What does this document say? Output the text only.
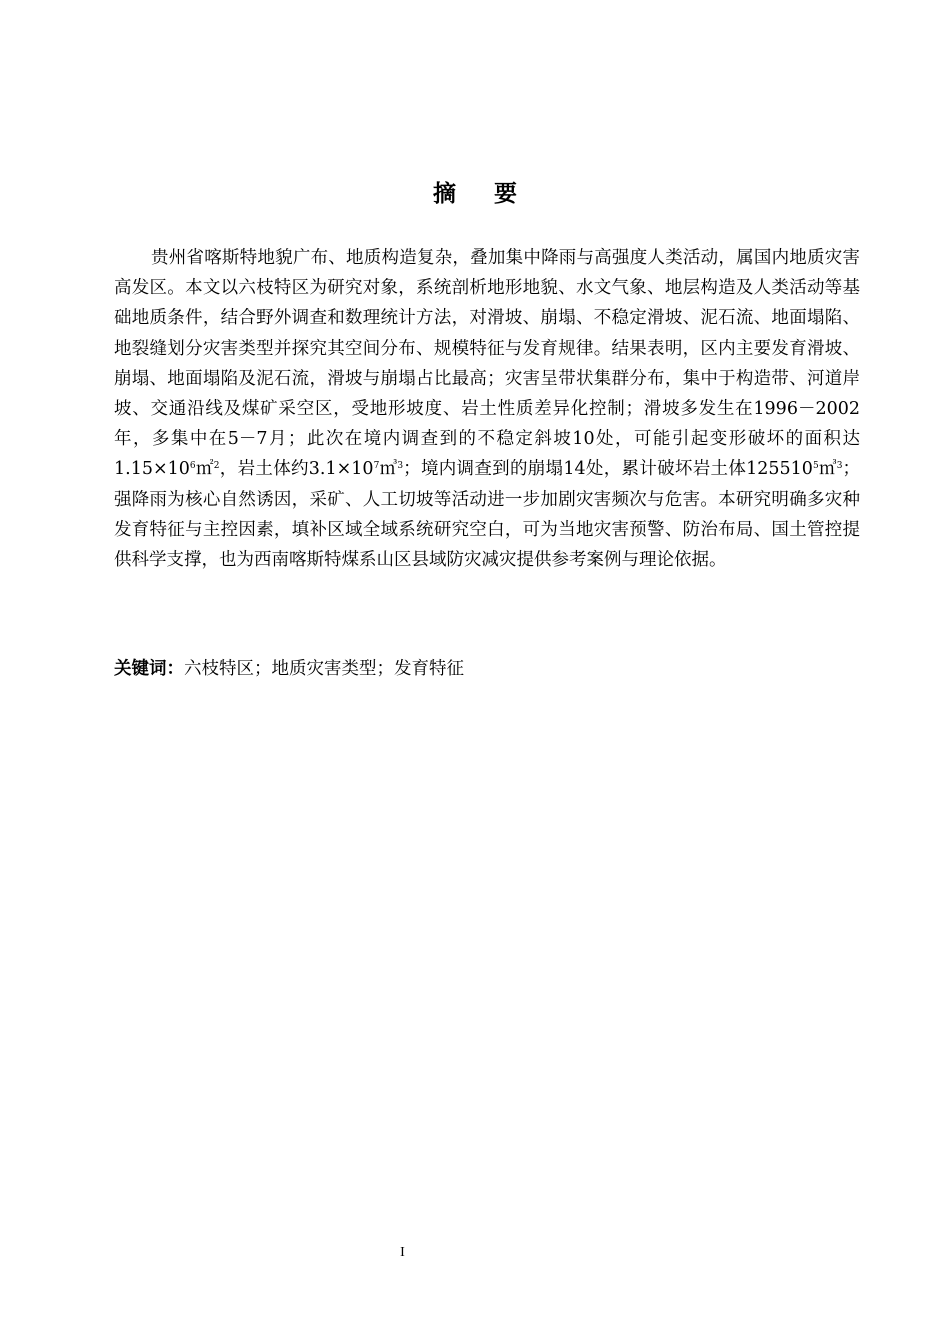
摘要

贵州省喀斯特地貌广布、地质构造复杂，叠加集中降雨与高强度人类活动，属国内地质灾害高发区。本文以六枝特区为研究对象，系统剖析地形地貌、水文气象、地层构造及人类活动等基础地质条件，结合野外调查和数理统计方法，对滑坡、崩塌、不稳定滑坡、泥石流、地面塌陷、地裂缝划分灾害类型并探究其空间分布、规模特征与发育规律。结果表明，区内主要发育滑坡、崩塌、地面塌陷及泥石流，滑坡与崩塌占比最高；灾害呈带状集群分布，集中于构造带、河道岸坡、交通沿线及煤矿采空区，受地形坡度、岩土性质差异化控制；滑坡多发生在1996－2002年，多集中在5－7月；此次在境内调查到的不稳定斜坡10处，可能引起变形破坏的面积达$1.15\times 10^6㎡^2$，岩土体约$3.1\times 10^7㎥^3$；境内调查到的崩塌14处，累计破坏岩土体125510$^5$㎥$^3$；强降雨为核心自然诱因，采矿、人工切坡等活动进一步加剧灾害频次与危害。本研究明确多灾种发育特征与主控因素，填补区域全域系统研究空白，可为当地灾害预警、防治布局、国土管控提供科学支撑，也为西南喀斯特煤系山区县域防灾减灾提供参考案例与理论依据。

关键词：六枝特区；地质灾害类型；发育特征
I
